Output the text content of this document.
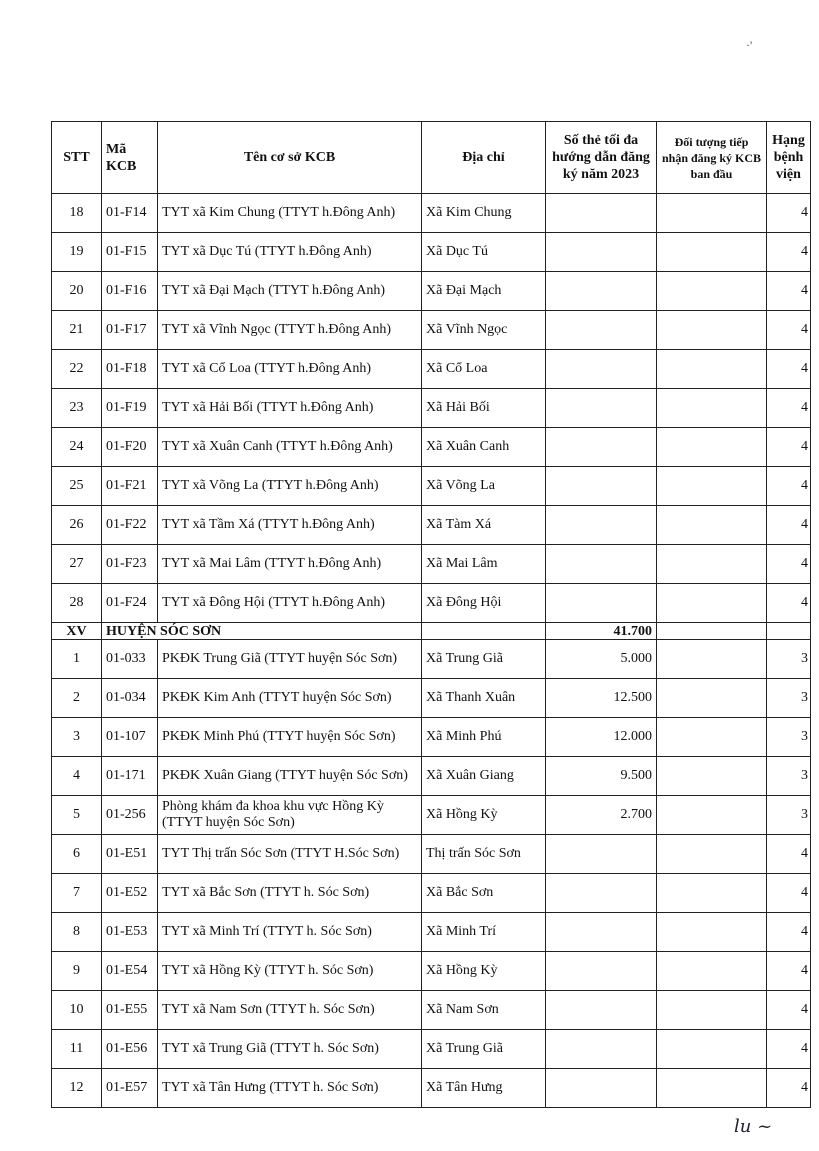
·'
STT	Mã KCB	Tên cơ sở KCB	Địa chỉ	Số thẻ tối đa hướng dẫn đăng ký năm 2023	Đối tượng tiếp nhận đăng ký KCB ban đầu	Hạng bệnh viện
18	01-F14	TYT xã Kim Chung (TTYT h.Đông Anh)	Xã Kim Chung			4
19	01-F15	TYT xã Dục Tú (TTYT h.Đông Anh)	Xã Dục Tú			4
20	01-F16	TYT xã Đại Mạch (TTYT h.Đông Anh)	Xã Đại Mạch			4
21	01-F17	TYT xã Vĩnh Ngọc (TTYT h.Đông Anh)	Xã Vĩnh Ngọc			4
22	01-F18	TYT xã Cổ Loa (TTYT h.Đông Anh)	Xã Cổ Loa			4
23	01-F19	TYT xã Hải Bối (TTYT h.Đông Anh)	Xã Hải Bối			4
24	01-F20	TYT xã Xuân Canh (TTYT h.Đông Anh)	Xã Xuân Canh			4
25	01-F21	TYT xã Võng La (TTYT h.Đông Anh)	Xã Võng La			4
26	01-F22	TYT xã Tầm Xá (TTYT h.Đông Anh)	Xã Tàm Xá			4
27	01-F23	TYT xã Mai Lâm (TTYT h.Đông Anh)	Xã Mai Lâm			4
28	01-F24	TYT xã Đông Hội (TTYT h.Đông Anh)	Xã Đông Hội			4
XV	HUYỆN SÓC SƠN			41.700		
1	01-033	PKĐK Trung Giã (TTYT huyện Sóc Sơn)	Xã Trung Giã	5.000		3
2	01-034	PKĐK Kim Anh (TTYT huyện Sóc Sơn)	Xã Thanh Xuân	12.500		3
3	01-107	PKĐK Minh Phú (TTYT huyện Sóc Sơn)	Xã Minh Phú	12.000		3
4	01-171	PKĐK Xuân Giang (TTYT huyện Sóc Sơn)	Xã Xuân Giang	9.500		3
5	01-256	Phòng khám đa khoa khu vực Hồng Kỳ (TTYT huyện Sóc Sơn)	Xã Hồng Kỳ	2.700		3
6	01-E51	TYT Thị trấn Sóc Sơn (TTYT H.Sóc Sơn)	Thị trấn Sóc Sơn			4
7	01-E52	TYT xã Bắc Sơn (TTYT h. Sóc Sơn)	Xã Bắc Sơn			4
8	01-E53	TYT xã Minh Trí (TTYT h. Sóc Sơn)	Xã Minh Trí			4
9	01-E54	TYT xã Hồng Kỳ (TTYT h. Sóc Sơn)	Xã Hồng Kỳ			4
10	01-E55	TYT xã Nam Sơn (TTYT h. Sóc Sơn)	Xã Nam Sơn			4
11	01-E56	TYT xã Trung Giã (TTYT h. Sóc Sơn)	Xã Trung Giã			4
12	01-E57	TYT xã Tân Hưng (TTYT h. Sóc Sơn)	Xã Tân Hưng			4
lu ~
